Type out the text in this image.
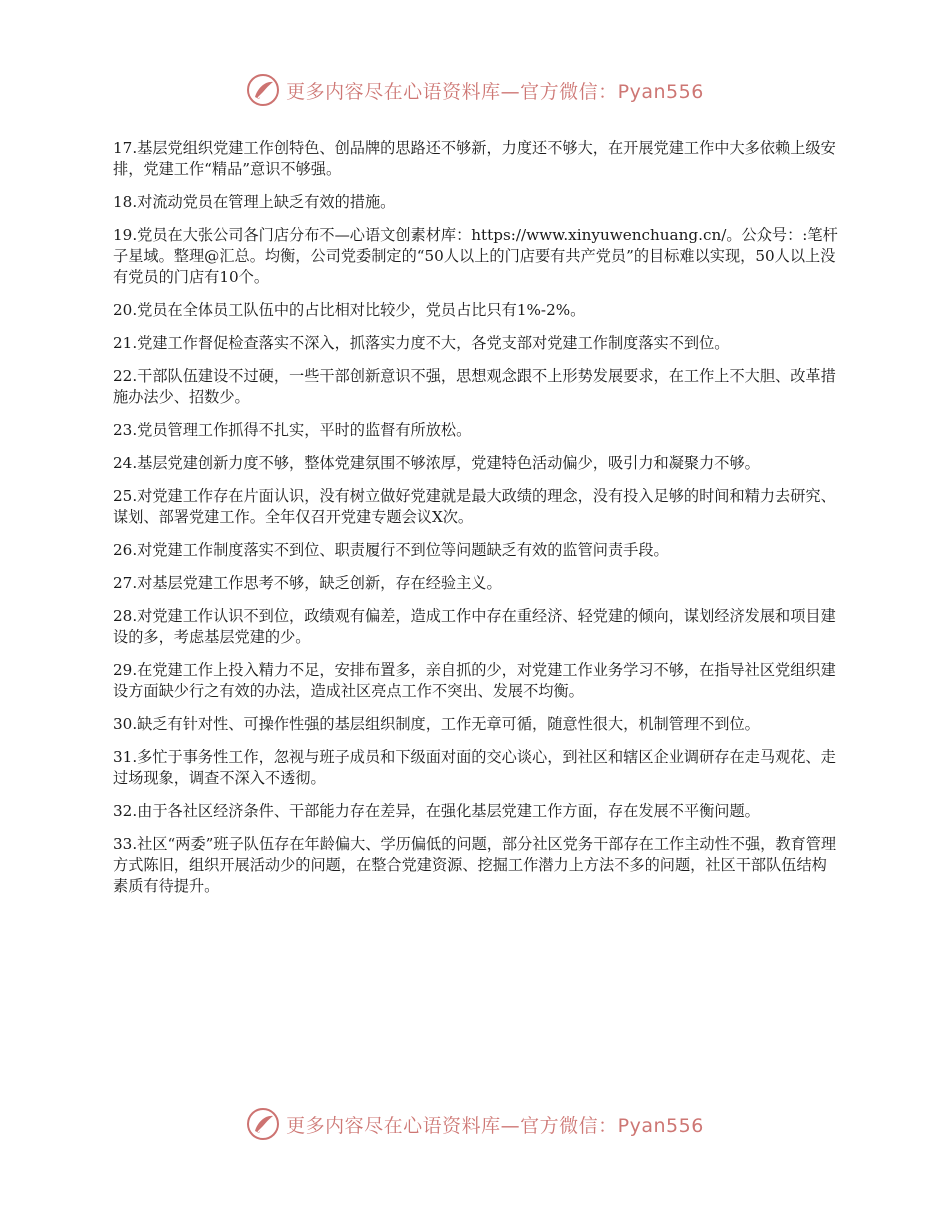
更多内容尽在心语资料库—官方微信：Pyan556

17.基层党组织党建工作创特色、创品牌的思路还不够新，力度还不够大，在开展党建工作中大多依赖上级安排，党建工作“精品”意识不够强。

18.对流动党员在管理上缺乏有效的措施。

19.党员在大张公司各门店分布不—心语文创素材库：https://www.xinyuwenchuang.cn/。公众号：:笔杆子星域。整理@汇总。均衡，公司党委制定的“50人以上的门店要有共产党员”的目标难以实现，50人以上没有党员的门店有10个。

20.党员在全体员工队伍中的占比相对比较少，党员占比只有1%-2%。

21.党建工作督促检查落实不深入，抓落实力度不大，各党支部对党建工作制度落实不到位。

22.干部队伍建设不过硬，一些干部创新意识不强，思想观念跟不上形势发展要求，在工作上不大胆、改革措施办法少、招数少。

23.党员管理工作抓得不扎实，平时的监督有所放松。

24.基层党建创新力度不够，整体党建氛围不够浓厚，党建特色活动偏少，吸引力和凝聚力不够。

25.对党建工作存在片面认识，没有树立做好党建就是最大政绩的理念，没有投入足够的时间和精力去研究、谋划、部署党建工作。全年仅召开党建专题会议X次。

26.对党建工作制度落实不到位、职责履行不到位等问题缺乏有效的监管问责手段。

27.对基层党建工作思考不够，缺乏创新，存在经验主义。

28.对党建工作认识不到位，政绩观有偏差，造成工作中存在重经济、轻党建的倾向，谋划经济发展和项目建设的多，考虑基层党建的少。

29.在党建工作上投入精力不足，安排布置多，亲自抓的少，对党建工作业务学习不够，在指导社区党组织建设方面缺少行之有效的办法，造成社区亮点工作不突出、发展不均衡。

30.缺乏有针对性、可操作性强的基层组织制度，工作无章可循，随意性很大，机制管理不到位。

31.多忙于事务性工作，忽视与班子成员和下级面对面的交心谈心，到社区和辖区企业调研存在走马观花、走过场现象，调查不深入不透彻。

32.由于各社区经济条件、干部能力存在差异，在强化基层党建工作方面，存在发展不平衡问题。

33.社区“两委”班子队伍存在年龄偏大、学历偏低的问题，部分社区党务干部存在工作主动性不强，教育管理方式陈旧，组织开展活动少的问题，在整合党建资源、挖掘工作潜力上方法不多的问题，社区干部队伍结构素质有待提升。

更多内容尽在心语资料库—官方微信：Pyan556
